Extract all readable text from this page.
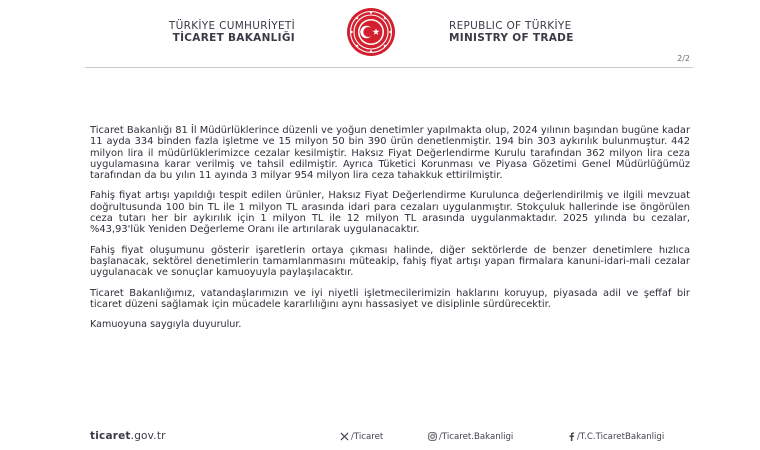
TÜRKİYE CUMHURİYETİ
TİCARET BAKANLIĞI
REPUBLIC OF TÜRKİYE
MINISTRY OF TRADE
2/2

Ticaret Bakanlığı 81 İl Müdürlüklerince düzenli ve yoğun denetimler yapılmakta olup, 2024 yılının başından bugüne kadar 11 ayda 334 binden fazla işletme ve 15 milyon 50 bin 390 ürün denetlenmiştir. 194 bin 303 aykırılık bulunmuştur. 442 milyon lira il müdürlüklerimizce cezalar kesilmiştir. Haksız Fiyat Değerlendirme Kurulu tarafından 362 milyon lira ceza uygulamasına karar verilmiş ve tahsil edilmiştir. Ayrıca Tüketici Korunması ve Piyasa Gözetimi Genel Müdürlüğümüz tarafından da bu yılın 11 ayında 3 milyar 954 milyon lira ceza tahakkuk ettirilmiştir.

Fahiş fiyat artışı yapıldığı tespit edilen ürünler, Haksız Fiyat Değerlendirme Kurulunca değerlendirilmiş ve ilgili mevzuat doğrultusunda 100 bin TL ile 1 milyon TL arasında idari para cezaları uygulanmıştır. Stokçuluk hallerinde ise öngörülen ceza tutarı her bir aykırılık için 1 milyon TL ile 12 milyon TL arasında uygulanmaktadır. 2025 yılında bu cezalar, %43,93'lük Yeniden Değerleme Oranı ile artırılarak uygulanacaktır.

Fahiş fiyat oluşumunu gösterir işaretlerin ortaya çıkması halinde, diğer sektörlerde de benzer denetimlere hızlıca başlanacak, sektörel denetimlerin tamamlanmasını müteakip, fahiş fiyat artışı yapan firmalara kanuni-idari-mali cezalar uygulanacak ve sonuçlar kamuoyuyla paylaşılacaktır.

Ticaret Bakanlığımız, vatandaşlarımızın ve iyi niyetli işletmecilerimizin haklarını koruyup, piyasada adil ve şeffaf bir ticaret düzeni sağlamak için mücadele kararlılığını aynı hassasiyet ve disiplinle sürdürecektir.

Kamuoyuna saygıyla duyurulur.

ticaret.gov.tr	/Ticaret	/Ticaret.Bakanligi	/T.C.TicaretBakanligi
